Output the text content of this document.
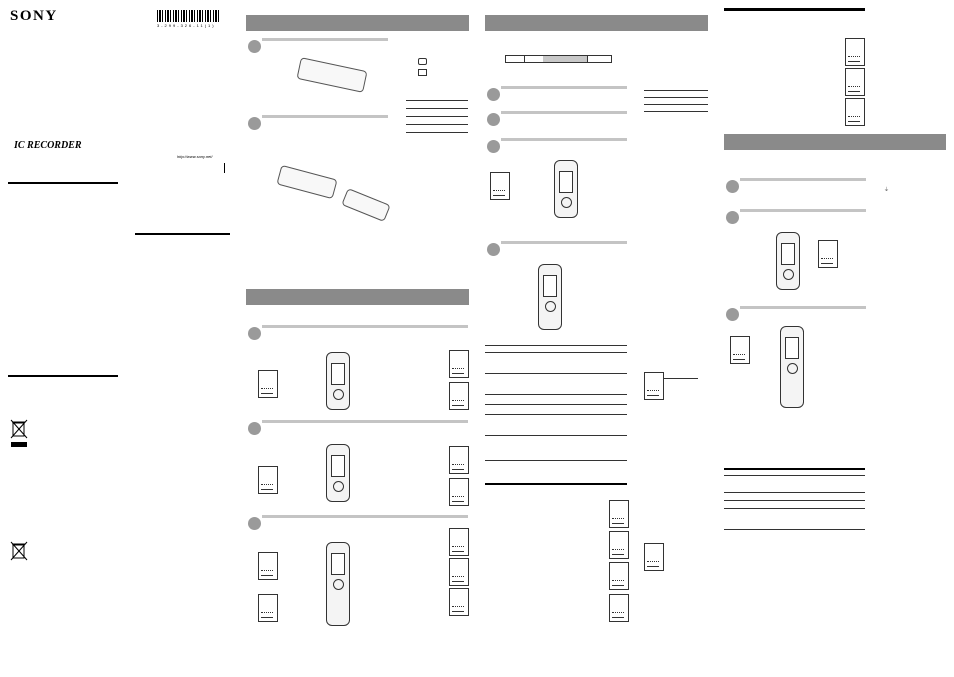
SONY
3-299-326-11(1)
IC RECORDER
http://www.sony.net/
⏚
